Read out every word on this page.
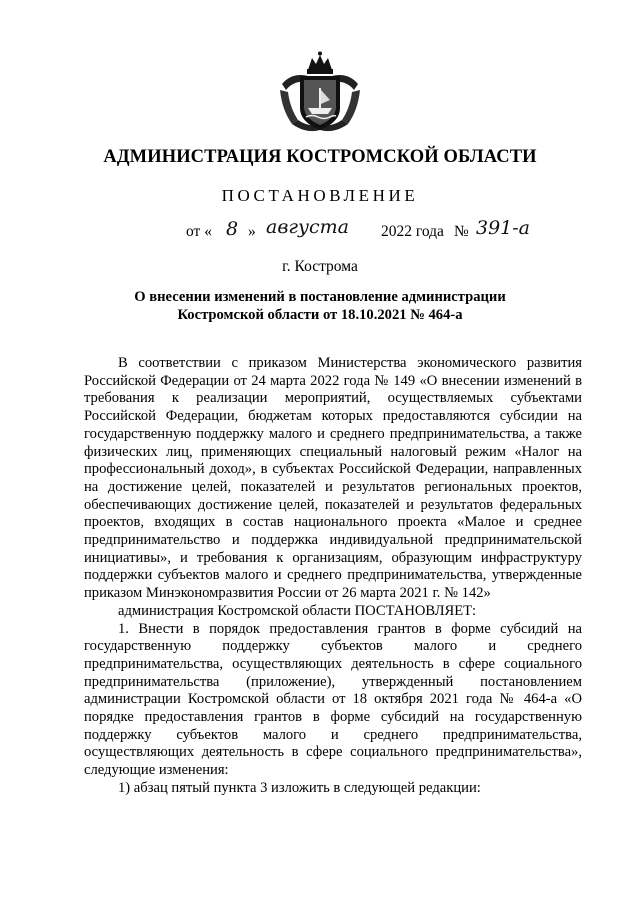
АДМИНИСТРАЦИЯ КОСТРОМСКОЙ ОБЛАСТИ
ПОСТАНОВЛЕНИЕ
от « 8 » августа 2022 года № 391-а
г. Кострома
О внесении изменений в постановление администрации
Костромской области от 18.10.2021 № 464-а

В соответствии с приказом Министерства экономического развития Российской Федерации от 24 марта 2022 года № 149 «О внесении изменений в требования к реализации мероприятий, осуществляемых субъектами Российской Федерации, бюджетам которых предоставляются субсидии на государственную поддержку малого и среднего предпринимательства, а также физических лиц, применяющих специальный налоговый режим «Налог на профессиональный доход», в субъектах Российской Федерации, направленных на достижение целей, показателей и результатов региональных проектов, обеспечивающих достижение целей, показателей и результатов федеральных проектов, входящих в состав национального проекта «Малое и среднее предпринимательство и поддержка индивидуальной предпринимательской инициативы», и требования к организациям, образующим инфраструктуру поддержки субъектов малого и среднего предпринимательства, утвержденные приказом Минэкономразвития России от 26 марта 2021 г. № 142»

администрация Костромской области ПОСТАНОВЛЯЕТ:

1. Внести в порядок предоставления грантов в форме субсидий на государственную поддержку субъектов малого и среднего предпринимательства, осуществляющих деятельность в сфере социального предпринимательства (приложение), утвержденный постановлением администрации Костромской области от 18 октября 2021 года № 464-а «О порядке предоставления грантов в форме субсидий на государственную поддержку субъектов малого и среднего предпринимательства, осуществляющих деятельность в сфере социального предпринимательства», следующие изменения:

1) абзац пятый пункта 3 изложить в следующей редакции:
